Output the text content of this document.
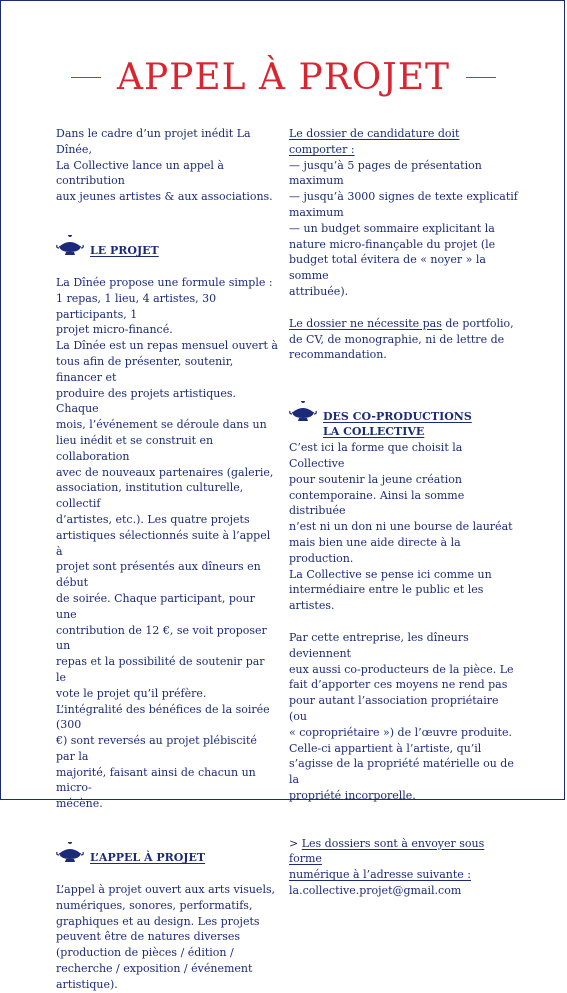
APPEL À PROJET

Dans le cadre d’un projet inédit La Dînée,
La Collective lance un appel à contribution
aux jeunes artistes & aux associations.

LE PROJET

La Dînée propose une formule simple :
1 repas, 1 lieu, 4 artistes, 30 participants, 1
projet micro-financé.

La Dînée est un repas mensuel ouvert à
tous afin de présenter, soutenir, financer et
produire des projets artistiques. Chaque
mois, l’événement se déroule dans un
lieu inédit et se construit en collaboration
avec de nouveaux partenaires (galerie,
association, institution culturelle, collectif
d’artistes, etc.). Les quatre projets
artistiques sélectionnés suite à l’appel à
projet sont présentés aux dîneurs en début
de soirée. Chaque participant, pour une
contribution de 12 €, se voit proposer un
repas et la possibilité de soutenir par le
vote le projet qu’il préfère.

L’intégralité des bénéfices de la soirée (300
€) sont reversés au projet plébiscité par la
majorité, faisant ainsi de chacun un micro-
mécène.

L’APPEL À PROJET

L’appel à projet ouvert aux arts visuels,
numériques, sonores, performatifs,
graphiques et au design. Les projets
peuvent être de natures diverses
(production de pièces / édition /
recherche / exposition / événement
artistique).

Le dossier de candidature doit comporter :
— jusqu’à 5 pages de présentation
maximum
— jusqu’à 3000 signes de texte explicatif
maximum
— un budget sommaire explicitant la
nature micro-finançable du projet (le
budget total évitera de « noyer » la somme
attribuée).

Le dossier ne nécessite pas de portfolio,
de CV, de monographie, ni de lettre de
recommandation.

DES CO-PRODUCTIONS
LA COLLECTIVE

C’est ici la forme que choisit la Collective
pour soutenir la jeune création
contemporaine. Ainsi la somme distribuée
n’est ni un don ni une bourse de lauréat
mais bien une aide directe à la production.
La Collective se pense ici comme un
intermédiaire entre le public et les artistes.

Par cette entreprise, les dîneurs deviennent
eux aussi co-producteurs de la pièce. Le
fait d’apporter ces moyens ne rend pas
pour autant l’association propriétaire (ou
« copropriétaire ») de l’œuvre produite.
Celle-ci appartient à l’artiste, qu’il
s’agisse de la propriété matérielle ou de la
propriété incorporelle.

> Les dossiers sont à envoyer sous forme
numérique à l’adresse suivante :
la.collective.projet@gmail.com
